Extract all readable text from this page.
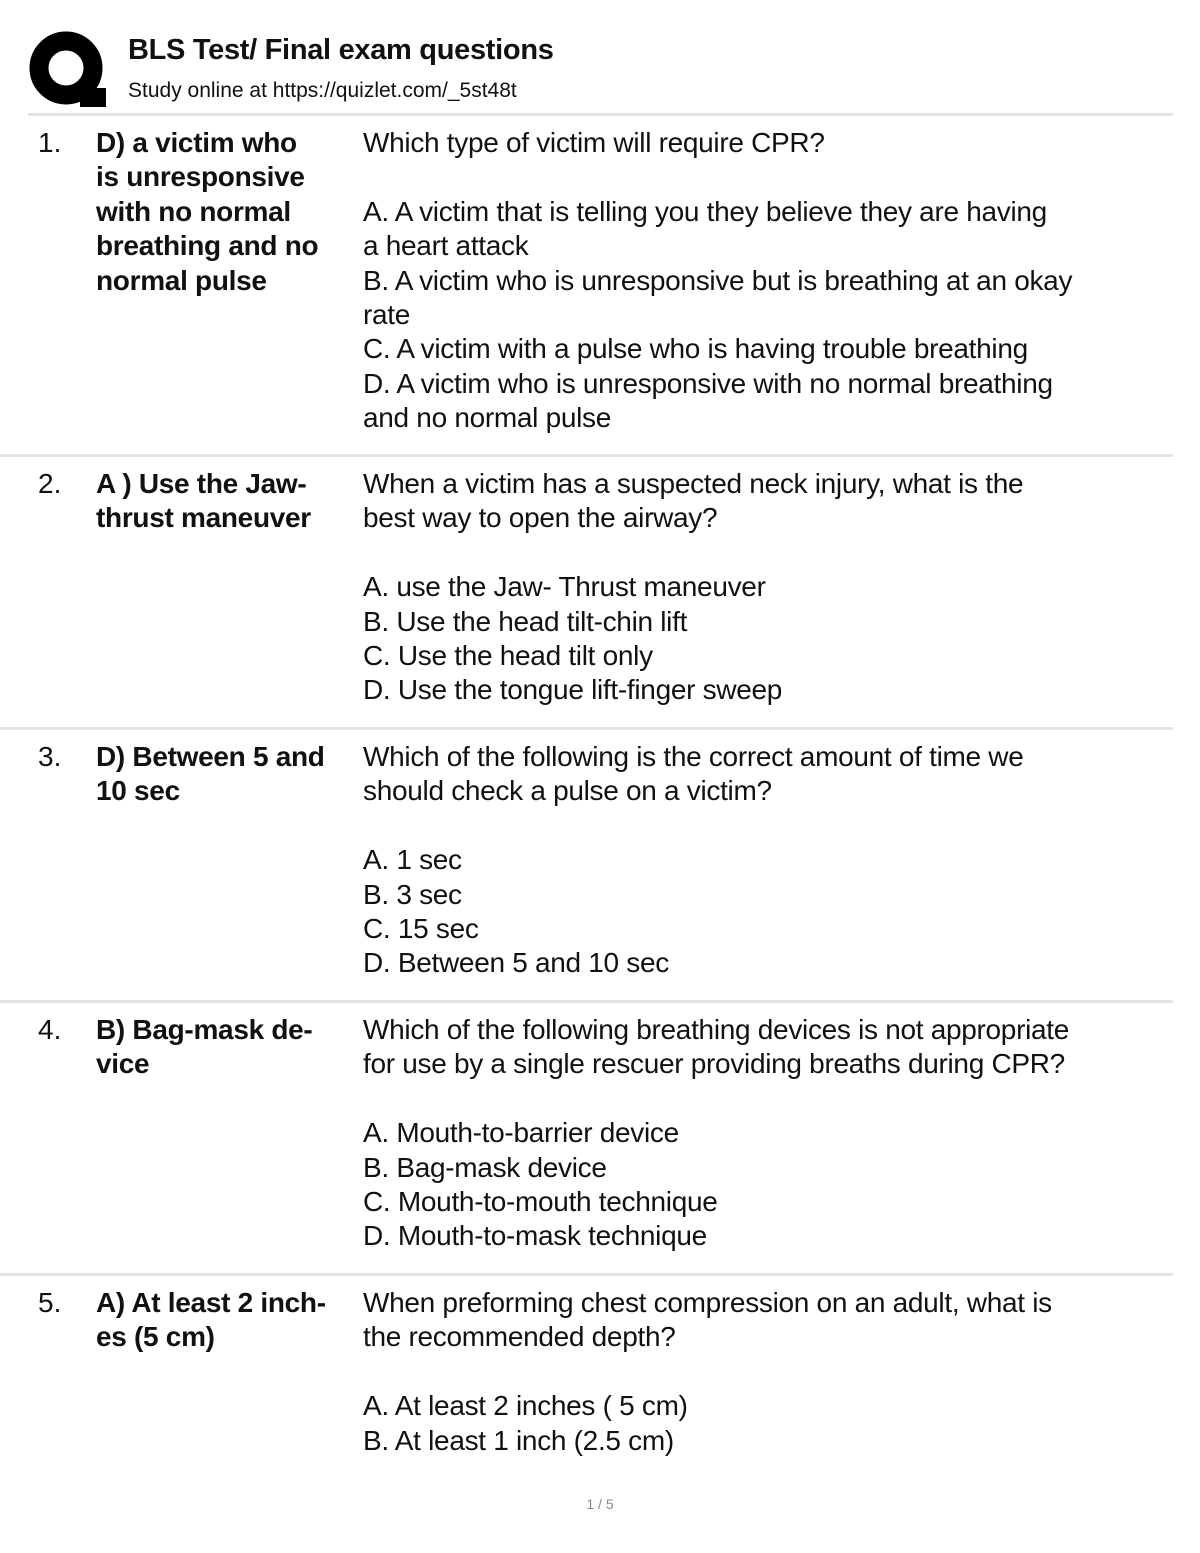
BLS Test/ Final exam questions
Study online at https://quizlet.com/_5st48t
1. D) a victim who
is unresponsive
with no normal
breathing and no
normal pulse
Which type of victim will require CPR?
A. A victim that is telling you they believe they are having
a heart attack
B. A victim who is unresponsive but is breathing at an okay
rate
C. A victim with a pulse who is having trouble breathing
D. A victim who is unresponsive with no normal breathing
and no normal pulse
2. A ) Use the Jaw-
thrust maneuver
When a victim has a suspected neck injury, what is the
best way to open the airway?
A. use the Jaw- Thrust maneuver
B. Use the head tilt-chin lift
C. Use the head tilt only
D. Use the tongue lift-finger sweep
3. D) Between 5 and
10 sec
Which of the following is the correct amount of time we
should check a pulse on a victim?
A. 1 sec
B. 3 sec
C. 15 sec
D. Between 5 and 10 sec
4. B) Bag-mask de-
vice
Which of the following breathing devices is not appropriate
for use by a single rescuer providing breaths during CPR?
A. Mouth-to-barrier device
B. Bag-mask device
C. Mouth-to-mouth technique
D. Mouth-to-mask technique
5. A) At least 2 inch-
es (5 cm)
When preforming chest compression on an adult, what is
the recommended depth?
A. At least 2 inches ( 5 cm)
B. At least 1 inch (2.5 cm)
1 / 5
